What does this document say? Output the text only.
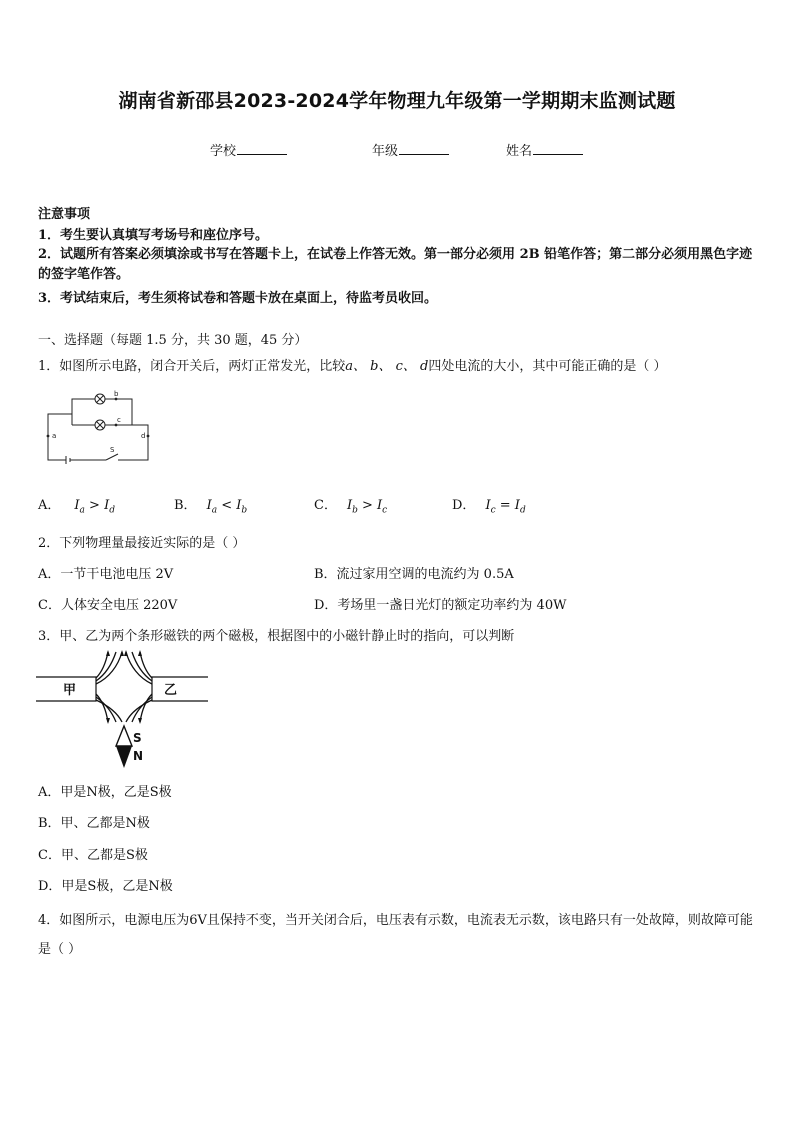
湖南省新邵县2023-2024学年物理九年级第一学期期末监测试题
学校	年级	姓名
注意事项
1．考生要认真填写考场号和座位序号。
2．试题所有答案必须填涂或书写在答题卡上，在试卷上作答无效。第一部分必须用 2B 铅笔作答；第二部分必须用黑色字迹的签字笔作答。
3．考试结束后，考生须将试卷和答题卡放在桌面上，待监考员收回。
一、选择题（每题 1.5 分，共 30 题，45 分）
1．如图所示电路，闭合开关后，两灯正常发光，比较a、 b、 c、 d四处电流的大小，其中可能正确的是（ ）
a
b
c
d
S
A． $I_a > I_d$	B． $I_a < I_b$	C． $I_b > I_c$	D． $I_c = I_d$
2．下列物理量最接近实际的是（ ）
A．一节干电池电压 2V	B．流过家用空调的电流约为 0.5A
C．人体安全电压 220V	D．考场里一盏日光灯的额定功率约为 40W
3．甲、乙为两个条形磁铁的两个磁极，根据图中的小磁针静止时的指向，可以判断
甲	乙
S
N
A．甲是N极，乙是S极
B．甲、乙都是N极
C．甲、乙都是S极
D．甲是S极，乙是N极
4．如图所示，电源电压为6V且保持不变，当开关闭合后，电压表有示数，电流表无示数，该电路只有一处故障，则故障可能是（ ）
